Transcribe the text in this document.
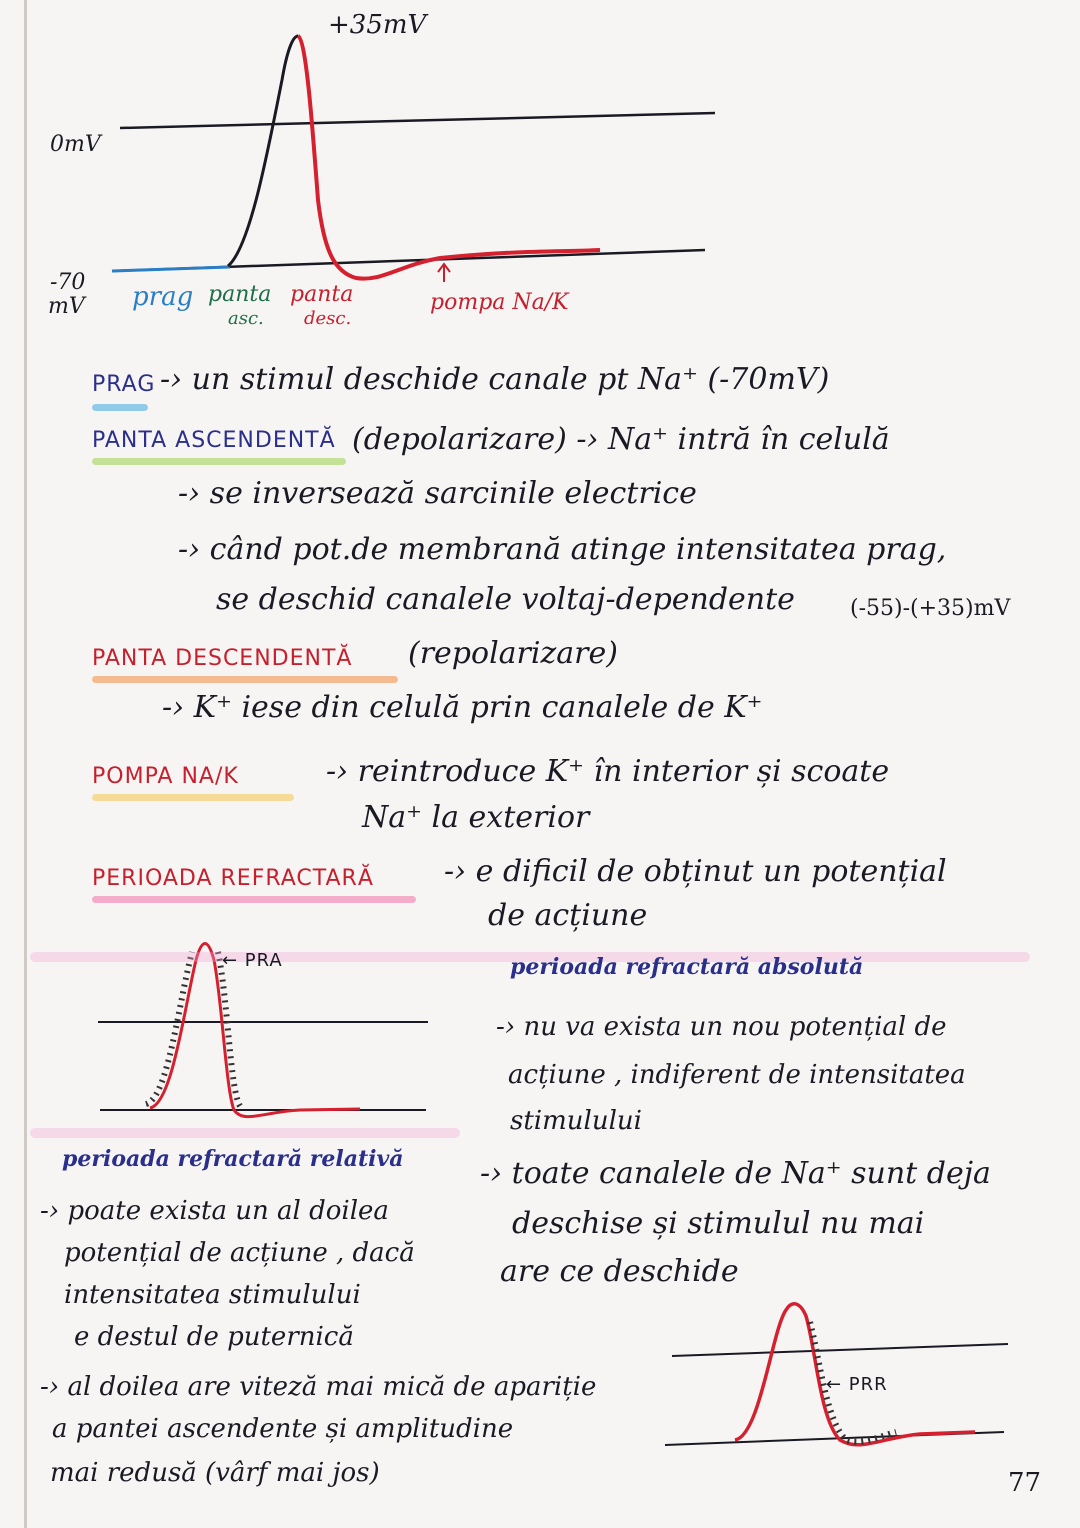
+35mV
0mV
-70
mV prag panta
asc.
panta
desc.
pompa Na/K
PRAG -› un stimul deschide canale pt Na⁺ (-70mV)
PANTA ASCENDENTĂ (depolarizare) -› Na⁺ intră în celulă
-› se inversează sarcinile electrice
-› când pot.de membrană atinge intensitatea prag,
se deschid canalele voltaj-dependente	(-55)-(+35)mV
PANTA DESCENDENTĂ (repolarizare)
-› K⁺ iese din celulă prin canalele de K⁺
POMPA NA/K	-› reintroduce K⁺ în interior și scoate
Na⁺ la exterior
PERIOADA REFRACTARĂ -› e dificil de obținut un potențial
de acțiune
← PRA	perioada refractară absolută
-› nu va exista un nou potențial de
acțiune , indiferent de intensitatea
stimulului
-› toate canalele de Na⁺ sunt deja
deschise și stimulul nu mai
are ce deschide
perioada refractară relativă
-› poate exista un al doilea
potențial de acțiune , dacă
intensitatea stimulului
e destul de puternică
-› al doilea are viteză mai mică de apariție
a pantei ascendente și amplitudine
mai redusă (vârf mai jos)
← PRR
77
